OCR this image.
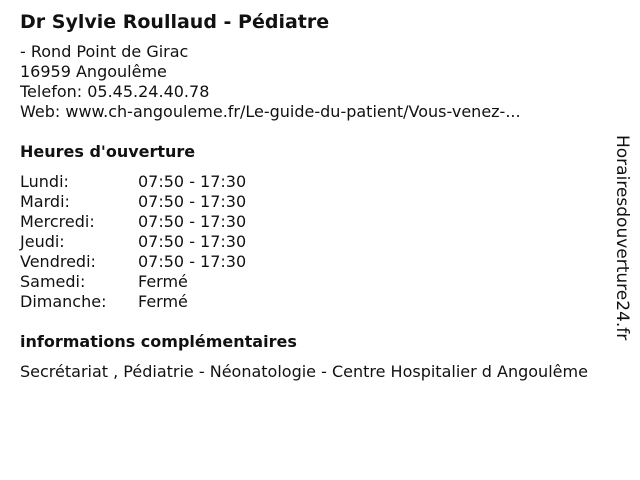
Dr Sylvie Roullaud - Pédiatre
- Rond Point de Girac
16959 Angoulême
Telefon: 05.45.24.40.78
Web: www.ch-angouleme.fr/Le-guide-du-patient/Vous-venez-...
Heures d'ouverture
Lundi:	07:50 - 17:30
Mardi:	07:50 - 17:30
Mercredi:	07:50 - 17:30
Jeudi:	07:50 - 17:30
Vendredi:	07:50 - 17:30
Samedi:	Fermé
Dimanche:	Fermé
informations complémentaires
Secrétariat , Pédiatrie - Néonatologie - Centre Hospitalier d Angoulême
Horairesdouverture24.fr
